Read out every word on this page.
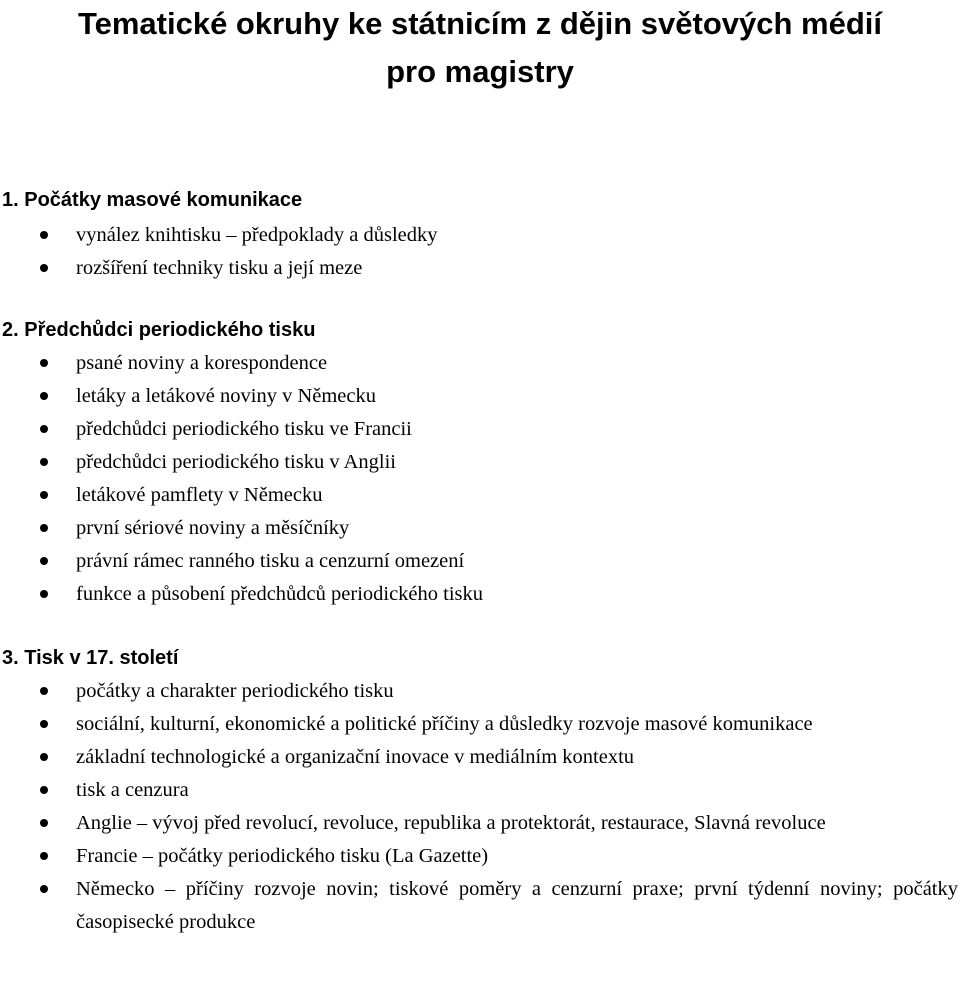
Tematické okruhy ke státnicím z dějin světových médií
pro magistry
1. Počátky masové komunikace
vynález knihtisku – předpoklady a důsledky
rozšíření techniky tisku a její meze
2. Předchůdci periodického tisku
psané noviny a korespondence
letáky a letákové noviny v Německu
předchůdci periodického tisku ve Francii
předchůdci periodického tisku v Anglii
letákové pamflety v Německu
první sériové noviny a měsíčníky
právní rámec ranného tisku a cenzurní omezení
funkce a působení předchůdců periodického tisku
3. Tisk v 17. století
počátky a charakter periodického tisku
sociální, kulturní, ekonomické a politické příčiny a důsledky rozvoje masové komunikace
základní technologické a organizační inovace v mediálním kontextu
tisk a cenzura
Anglie – vývoj před revolucí, revoluce, republika a protektorát, restaurace, Slavná revoluce
Francie – počátky periodického tisku (La Gazette)
Německo – příčiny rozvoje novin; tiskové poměry a cenzurní praxe; první týdenní noviny; počátky časopisecké produkce
